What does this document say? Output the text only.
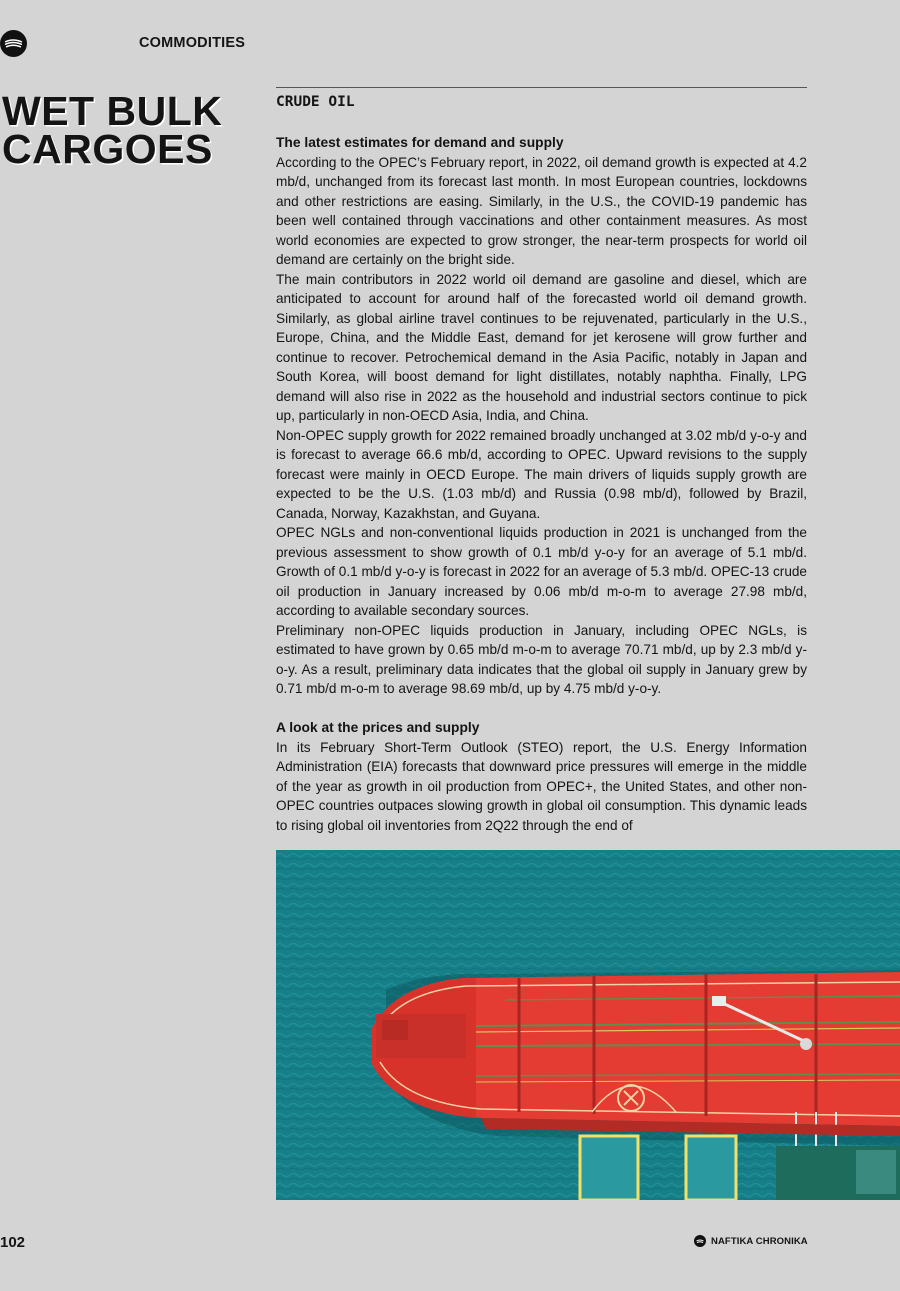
COMMODITIES
WET BULK
CARGOES
CRUDE OIL
The latest estimates for demand and supply

According to the OPEC’s February report, in 2022, oil demand growth is expected at 4.2 mb/d, unchanged from its forecast last month. In most European countries, lockdowns and other restrictions are easing. Similarly, in the U.S., the COVID-19 pandemic has been well contained through vaccinations and other containment measures. As most world economies are expected to grow stronger, the near-term prospects for world oil demand are certainly on the bright side.

The main contributors in 2022 world oil demand are gasoline and diesel, which are anticipated to account for around half of the forecasted world oil demand growth. Similarly, as global airline travel continues to be rejuvenated, particularly in the U.S., Europe, China, and the Middle East, demand for jet kerosene will grow further and continue to recover. Petrochemical demand in the Asia Pacific, notably in Japan and South Korea, will boost demand for light distillates, notably naphtha. Finally, LPG demand will also rise in 2022 as the household and industrial sectors continue to pick up, particularly in non-OECD Asia, India, and China.

Non-OPEC supply growth for 2022 remained broadly unchanged at 3.02 mb/d y-o-y and is forecast to average 66.6 mb/d, according to OPEC. Upward revisions to the supply forecast were mainly in OECD Europe. The main drivers of liquids supply growth are expected to be the U.S. (1.03 mb/d) and Russia (0.98 mb/d), followed by Brazil, Canada, Norway, Kazakhstan, and Guyana.

OPEC NGLs and non-conventional liquids production in 2021 is unchanged from the previous assessment to show growth of 0.1 mb/d y-o-y for an average of 5.1 mb/d. Growth of 0.1 mb/d y-o-y is forecast in 2022 for an average of 5.3 mb/d. OPEC-13 crude oil production in January increased by 0.06 mb/d m-o-m to average 27.98 mb/d, according to available secondary sources.

Preliminary non-OPEC liquids production in January, including OPEC NGLs, is estimated to have grown by 0.65 mb/d m-o-m to average 70.71 mb/d, up by 2.3 mb/d y-o-y. As a result, preliminary data indicates that the global oil supply in January grew by 0.71 mb/d m-o-m to average 98.69 mb/d, up by 4.75 mb/d y-o-y.

A look at the prices and supply

In its February Short-Term Outlook (STEO) report, the U.S. Energy Information Administration (EIA) forecasts that downward price pressures will emerge in the middle of the year as growth in oil production from OPEC+, the United States, and other non-OPEC countries outpaces slowing growth in global oil consumption. This dynamic leads to rising global oil inventories from 2Q22 through the end of

102	NAFTIKA CHRONIKA
